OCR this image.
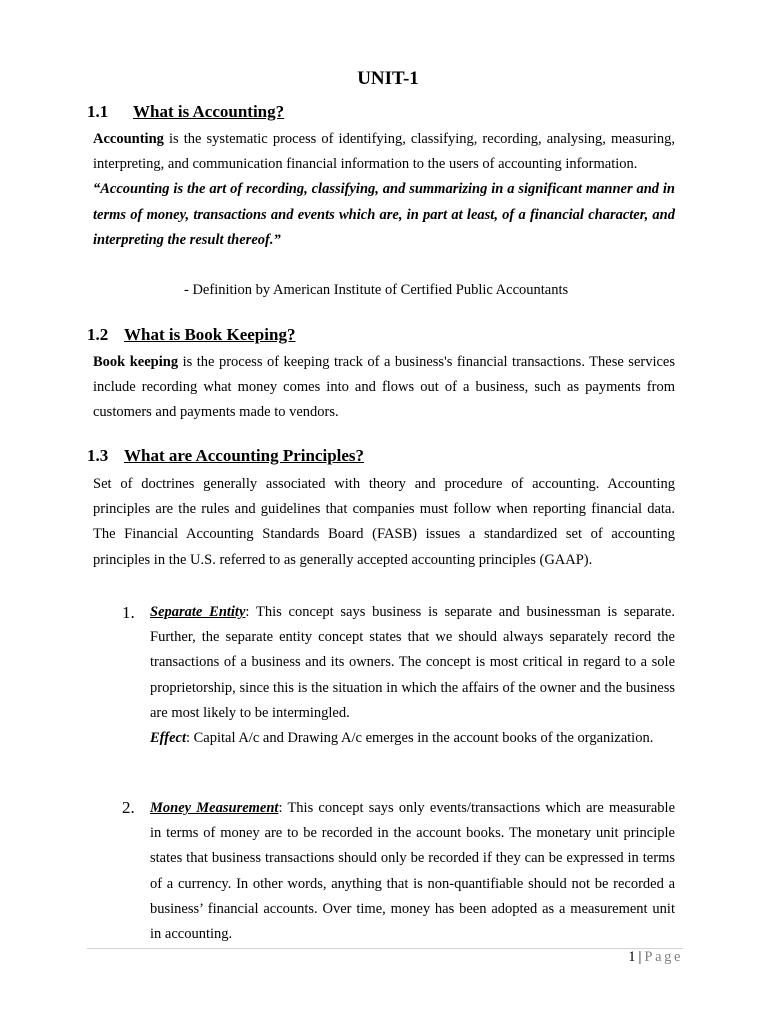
UNIT-1
1.1 What is Accounting?

Accounting is the systematic process of identifying, classifying, recording, analysing, measuring, interpreting, and communication financial information to the users of accounting information.
“Accounting is the art of recording, classifying, and summarizing in a significant manner and in terms of money, transactions and events which are, in part at least, of a financial character, and interpreting the result thereof.”

- Definition by American Institute of Certified Public Accountants
1.2 What is Book Keeping?

Book keeping is the process of keeping track of a business's financial transactions. These services include recording what money comes into and flows out of a business, such as payments from customers and payments made to vendors.

1.3 What are Accounting Principles?

Set of doctrines generally associated with theory and procedure of accounting. Accounting principles are the rules and guidelines that companies must follow when reporting financial data. The Financial Accounting Standards Board (FASB) issues a standardized set of accounting principles in the U.S. referred to as generally accepted accounting principles (GAAP).

1. Separate Entity: This concept says business is separate and businessman is separate. Further, the separate entity concept states that we should always separately record the transactions of a business and its owners. The concept is most critical in regard to a sole proprietorship, since this is the situation in which the affairs of the owner and the business are most likely to be intermingled.
Effect: Capital A/c and Drawing A/c emerges in the account books of the organization.

2. Money Measurement: This concept says only events/transactions which are measurable in terms of money are to be recorded in the account books. The monetary unit principle states that business transactions should only be recorded if they can be expressed in terms of a currency. In other words, anything that is non-quantifiable should not be recorded a business’ financial accounts. Over time, money has been adopted as a measurement unit in accounting.

1 | Page
